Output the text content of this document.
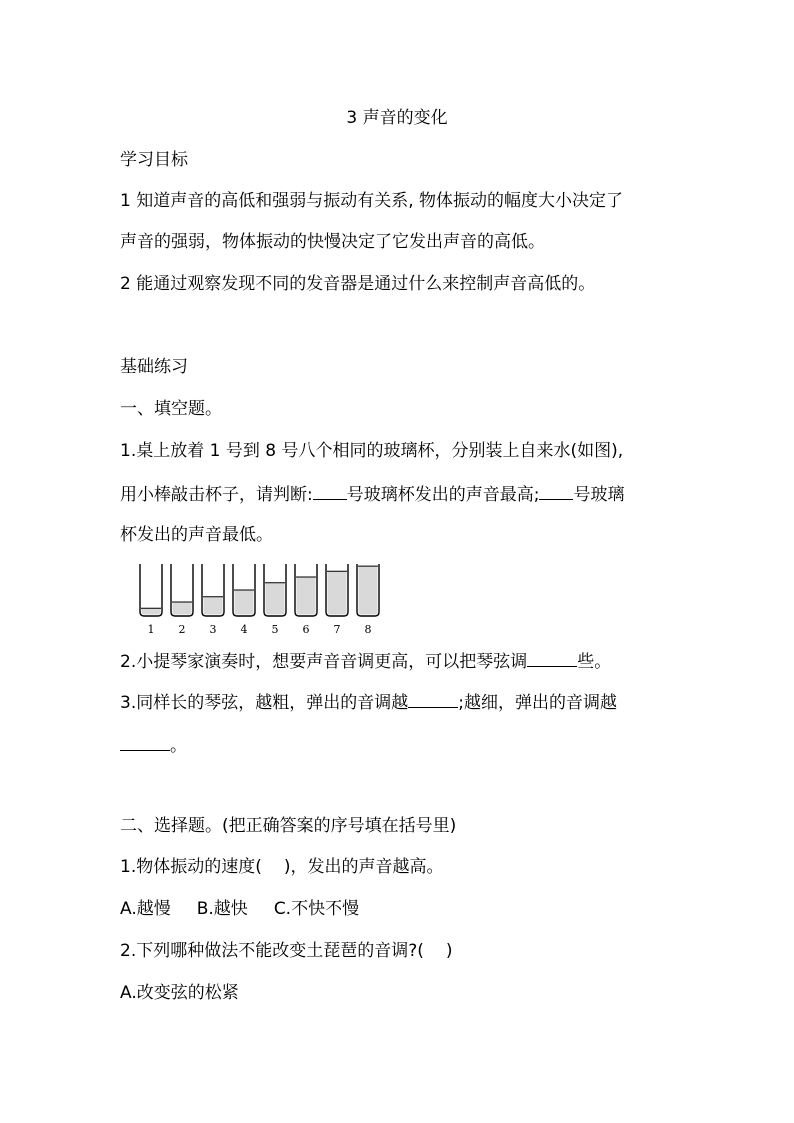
3 声音的变化
学习目标
1 知道声音的高低和强弱与振动有关系, 物体振动的幅度大小决定了
声音的强弱，物体振动的快慢决定了它发出声音的高低。
2 能通过观察发现不同的发音器是通过什么来控制声音高低的。
基础练习
一、填空题。
1.桌上放着 1 号到 8 号八个相同的玻璃杯，分别装上自来水(如图),
用小棒敲击杯子，请判断: 号玻璃杯发出的声音最高; 号玻璃
杯发出的声音最低。
1 2 3 4 5 6 7 8
2.小提琴家演奏时，想要声音音调更高，可以把琴弦调	些。
3.同样长的琴弦，越粗，弹出的音调越	;越细，弹出的音调越
。
二、选择题。(把正确答案的序号填在括号里)
1.物体振动的速度( )，发出的声音越高。
A.越慢 B.越快 C.不快不慢
2.下列哪种做法不能改变土琵琶的音调?( )
A.改变弦的松紧
